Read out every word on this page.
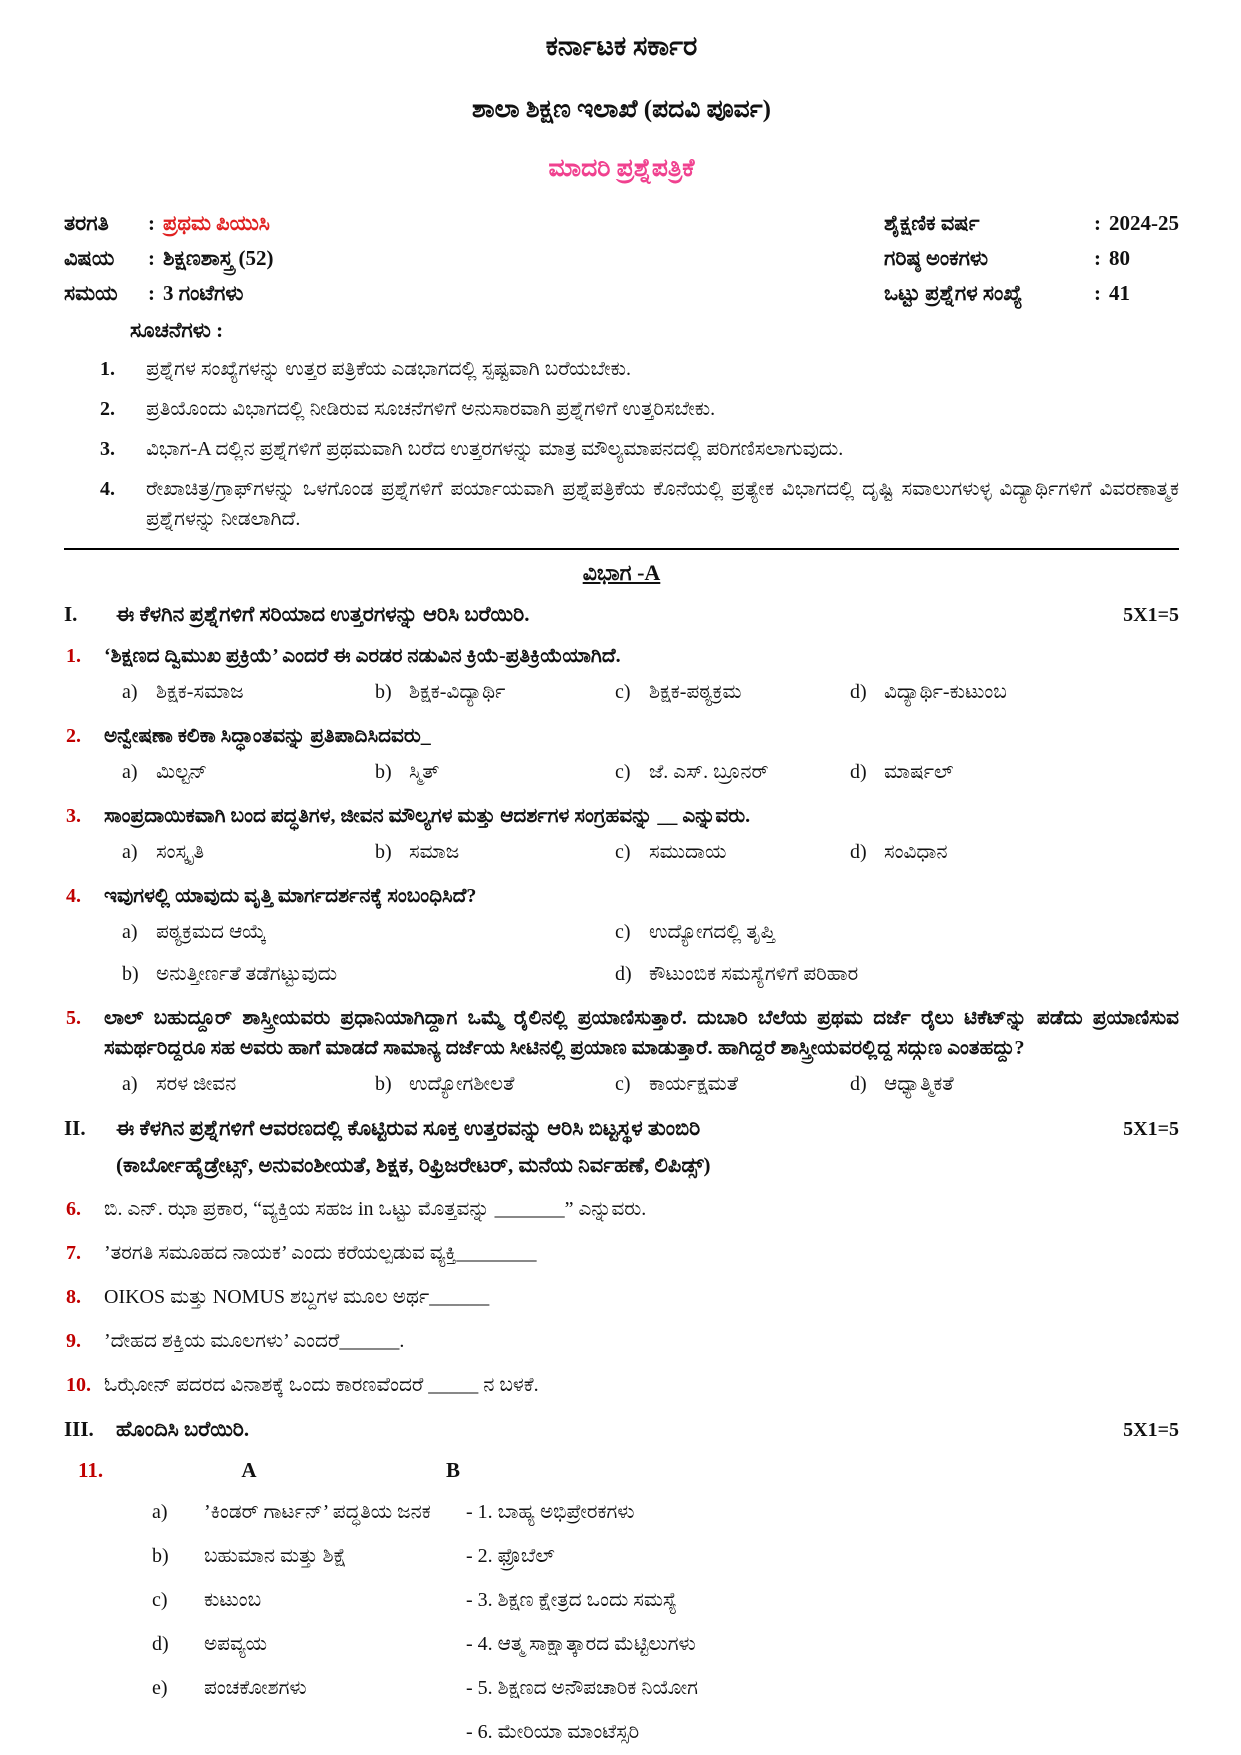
ಕರ್ನಾಟಕ ಸರ್ಕಾರ
ಶಾಲಾ ಶಿಕ್ಷಣ ಇಲಾಖೆ (ಪದವಿ ಪೂರ್ವ)
ಮಾದರಿ ಪ್ರಶ್ನೆಪತ್ರಿಕೆ
ತರಗತಿ : ಪ್ರಥಮ ಪಿಯುಸಿ
ವಿಷಯ : ಶಿಕ್ಷಣಶಾಸ್ತ್ರ (52)
ಸಮಯ : 3 ಗಂಟೆಗಳು
ಶೈಕ್ಷಣಿಕ ವರ್ಷ	: 2024-25
ಗರಿಷ್ಠ ಅಂಕಗಳು	: 80
ಒಟ್ಟು ಪ್ರಶ್ನೆಗಳ ಸಂಖ್ಯೆ	: 41
ಸೂಚನೆಗಳು :
1.	ಪ್ರಶ್ನೆಗಳ ಸಂಖ್ಯೆಗಳನ್ನು ಉತ್ತರ ಪತ್ರಿಕೆಯ ಎಡಭಾಗದಲ್ಲಿ ಸ್ಪಷ್ಟವಾಗಿ ಬರೆಯಬೇಕು.
2.	ಪ್ರತಿಯೊಂದು ವಿಭಾಗದಲ್ಲಿ ನೀಡಿರುವ ಸೂಚನೆಗಳಿಗೆ ಅನುಸಾರವಾಗಿ ಪ್ರಶ್ನೆಗಳಿಗೆ ಉತ್ತರಿಸಬೇಕು.
3.	ವಿಭಾಗ-A ದಲ್ಲಿನ ಪ್ರಶ್ನೆಗಳಿಗೆ ಪ್ರಥಮವಾಗಿ ಬರೆದ ಉತ್ತರಗಳನ್ನು ಮಾತ್ರ ಮೌಲ್ಯಮಾಪನದಲ್ಲಿ ಪರಿಗಣಿಸಲಾಗುವುದು.
4.	ರೇಖಾಚಿತ್ರ/ಗ್ರಾಫ್‌ಗಳನ್ನು ಒಳಗೊಂಡ ಪ್ರಶ್ನೆಗಳಿಗೆ ಪರ್ಯಾಯವಾಗಿ ಪ್ರಶ್ನೆಪತ್ರಿಕೆಯ ಕೊನೆಯಲ್ಲಿ ಪ್ರತ್ಯೇಕ ವಿಭಾಗದಲ್ಲಿ ದೃಷ್ಟಿ ಸವಾಲುಗಳುಳ್ಳ ವಿದ್ಯಾರ್ಥಿಗಳಿಗೆ ವಿವರಣಾತ್ಮಕ ಪ್ರಶ್ನೆಗಳನ್ನು ನೀಡಲಾಗಿದೆ.
ವಿಭಾಗ -A
I.	ಈ ಕೆಳಗಿನ ಪ್ರಶ್ನೆಗಳಿಗೆ ಸರಿಯಾದ ಉತ್ತರಗಳನ್ನು ಆರಿಸಿ ಬರೆಯಿರಿ.	5X1=5
1.	‘ಶಿಕ್ಷಣದ ದ್ವಿಮುಖ ಪ್ರಕ್ರಿಯೆ’ ಎಂದರೆ ಈ ಎರಡರ ನಡುವಿನ ಕ್ರಿಯೆ-ಪ್ರತಿಕ್ರಿಯೆಯಾಗಿದೆ.
a) ಶಿಕ್ಷಕ-ಸಮಾಜ	b) ಶಿಕ್ಷಕ-ವಿದ್ಯಾರ್ಥಿ	c) ಶಿಕ್ಷಕ-ಪಠ್ಯಕ್ರಮ	d) ವಿದ್ಯಾರ್ಥಿ-ಕುಟುಂಬ
2.	ಅನ್ವೇಷಣಾ ಕಲಿಕಾ ಸಿದ್ಧಾಂತವನ್ನು ಪ್ರತಿಪಾದಿಸಿದವರು_
a) ಮಿಲ್ಟನ್	b) ಸ್ಮಿತ್	c) ಜೆ. ಎಸ್. ಬ್ರೂನರ್	d) ಮಾರ್ಷಲ್
3.	ಸಾಂಪ್ರದಾಯಿಕವಾಗಿ ಬಂದ ಪದ್ಧತಿಗಳ, ಜೀವನ ಮೌಲ್ಯಗಳ ಮತ್ತು ಆದರ್ಶಗಳ ಸಂಗ್ರಹವನ್ನು __ ಎನ್ನುವರು.
a) ಸಂಸ್ಕೃತಿ	b) ಸಮಾಜ	c) ಸಮುದಾಯ	d) ಸಂವಿಧಾನ
4.	ಇವುಗಳಲ್ಲಿ ಯಾವುದು ವೃತ್ತಿ ಮಾರ್ಗದರ್ಶನಕ್ಕೆ ಸಂಬಂಧಿಸಿದೆ?
a) ಪಠ್ಯಕ್ರಮದ ಆಯ್ಕೆ	c) ಉದ್ಯೋಗದಲ್ಲಿ ತೃಪ್ತಿ
b) ಅನುತ್ತೀರ್ಣತೆ ತಡೆಗಟ್ಟುವುದು	d) ಕೌಟುಂಬಿಕ ಸಮಸ್ಯೆಗಳಿಗೆ ಪರಿಹಾರ
5.	ಲಾಲ್ ಬಹುದ್ದೂರ್ ಶಾಸ್ತ್ರೀಯವರು ಪ್ರಧಾನಿಯಾಗಿದ್ದಾಗ ಒಮ್ಮೆ ರೈಲಿನಲ್ಲಿ ಪ್ರಯಾಣಿಸುತ್ತಾರೆ. ದುಬಾರಿ ಬೆಲೆಯ ಪ್ರಥಮ ದರ್ಜೆ ರೈಲು ಟಿಕೆಟ್‌ನ್ನು ಪಡೆದು ಪ್ರಯಾಣಿಸುವ ಸಮರ್ಥರಿದ್ದರೂ ಸಹ ಅವರು ಹಾಗೆ ಮಾಡದೆ ಸಾಮಾನ್ಯ ದರ್ಜೆಯ ಸೀಟಿನಲ್ಲಿ ಪ್ರಯಾಣ ಮಾಡುತ್ತಾರೆ. ಹಾಗಿದ್ದರೆ ಶಾಸ್ತ್ರೀಯವರಲ್ಲಿದ್ದ ಸದ್ಗುಣ ಎಂತಹದ್ದು?
a) ಸರಳ ಜೀವನ	b) ಉದ್ಯೋಗಶೀಲತೆ	c) ಕಾರ್ಯಕ್ಷಮತೆ	d) ಆಧ್ಯಾತ್ಮಿಕತೆ
II.	ಈ ಕೆಳಗಿನ ಪ್ರಶ್ನೆಗಳಿಗೆ ಆವರಣದಲ್ಲಿ ಕೊಟ್ಟಿರುವ ಸೂಕ್ತ ಉತ್ತರವನ್ನು ಆರಿಸಿ ಬಿಟ್ಟಸ್ಥಳ ತುಂಬಿರಿ	5X1=5
(ಕಾರ್ಬೋಹೈಡ್ರೇಟ್ಸ್, ಅನುವಂಶೀಯತೆ, ಶಿಕ್ಷಕ, ರಿಫ್ರಿಜರೇಟರ್, ಮನೆಯ ನಿರ್ವಹಣೆ, ಲಿಪಿಡ್ಸ್)
6.	ಬಿ. ಎನ್. ಝಾ ಪ್ರಕಾರ, “ವ್ಯಕ್ತಿಯ ಸಹಜ in ಒಟ್ಟು ಮೊತ್ತವನ್ನು _______” ಎನ್ನುವರು.
7.	’ತರಗತಿ ಸಮೂಹದ ನಾಯಕ’ ಎಂದು ಕರೆಯಲ್ಪಡುವ ವ್ಯಕ್ತಿ________
8.	OIKOS ಮತ್ತು NOMUS ಶಬ್ದಗಳ ಮೂಲ ಅರ್ಥ______
9.	’ದೇಹದ ಶಕ್ತಿಯ ಮೂಲಗಳು’ ಎಂದರೆ______.
10. ಓಝೋನ್ ಪದರದ ವಿನಾಶಕ್ಕೆ ಒಂದು ಕಾರಣವೆಂದರೆ _____ ನ ಬಳಕೆ.
III.	ಹೊಂದಿಸಿ ಬರೆಯಿರಿ.	5X1=5
11.	A	B
a)	’ಕಿಂಡರ್ ಗಾರ್ಟನ್’ ಪದ್ಧತಿಯ ಜನಕ	- 1. ಬಾಹ್ಯ ಅಭಿಪ್ರೇರಕಗಳು
b)	ಬಹುಮಾನ ಮತ್ತು ಶಿಕ್ಷೆ	- 2. ಫ್ರೊಬೆಲ್
c)	ಕುಟುಂಬ	- 3. ಶಿಕ್ಷಣ ಕ್ಷೇತ್ರದ ಒಂದು ಸಮಸ್ಯೆ
d)	ಅಪವ್ಯಯ	- 4. ಆತ್ಮ ಸಾಕ್ಷಾತ್ಕಾರದ ಮೆಟ್ಟಿಲುಗಳು
e)	ಪಂಚಕೋಶಗಳು	- 5. ಶಿಕ್ಷಣದ ಅನೌಪಚಾರಿಕ ನಿಯೋಗ
- 6. ಮೇರಿಯಾ ಮಾಂಟೆಸ್ಸರಿ
